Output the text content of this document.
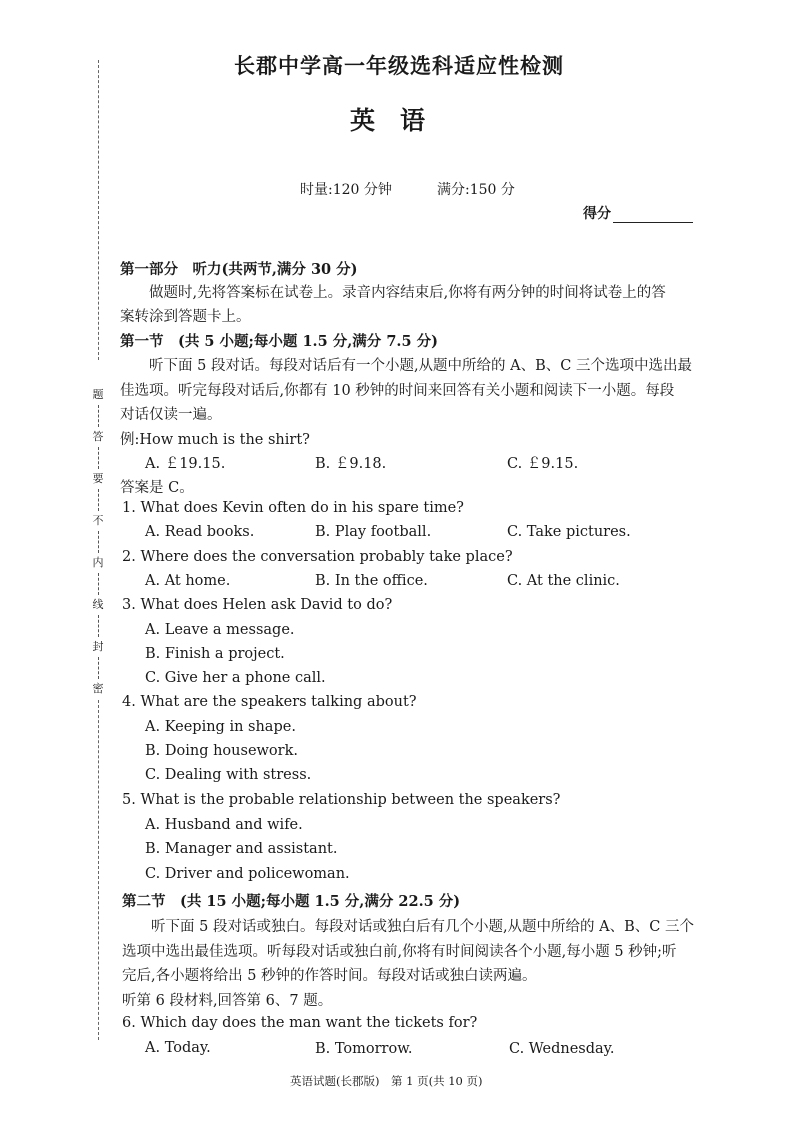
题
答
要
不
内
线
封
密
长郡中学高一年级选科适应性检测
英　语
时量:120 分钟	满分:150 分
得分
第一部分　听力(共两节,满分 30 分)
做题时,先将答案标在试卷上。录音内容结束后,你将有两分钟的时间将试卷上的答
案转涂到答题卡上。
第一节　(共 5 小题;每小题 1.5 分,满分 7.5 分)
听下面 5 段对话。每段对话后有一个小题,从题中所给的 A、B、C 三个选项中选出最
佳选项。听完每段对话后,你都有 10 秒钟的时间来回答有关小题和阅读下一小题。每段
对话仅读一遍。
例:How much is the shirt?
A. ￡19.15.	B. ￡9.18.	C. ￡9.15.
答案是 C。
1. What does Kevin often do in his spare time?
A. Read books.	B. Play football.	C. Take pictures.
2. Where does the conversation probably take place?
A. At home.	B. In the office.	C. At the clinic.
3. What does Helen ask David to do?
A. Leave a message.
B. Finish a project.
C. Give her a phone call.
4. What are the speakers talking about?
A. Keeping in shape.
B. Doing housework.
C. Dealing with stress.
5. What is the probable relationship between the speakers?
A. Husband and wife.
B. Manager and assistant.
C. Driver and policewoman.
第二节　(共 15 小题;每小题 1.5 分,满分 22.5 分)
听下面 5 段对话或独白。每段对话或独白后有几个小题,从题中所给的 A、B、C 三个
选项中选出最佳选项。听每段对话或独白前,你将有时间阅读各个小题,每小题 5 秒钟;听
完后,各小题将给出 5 秒钟的作答时间。每段对话或独白读两遍。
听第 6 段材料,回答第 6、7 题。
6. Which day does the man want the tickets for?
A. Today.	B. Tomorrow.	C. Wednesday.
英语试题(长郡版)　第 1 页(共 10 页)
